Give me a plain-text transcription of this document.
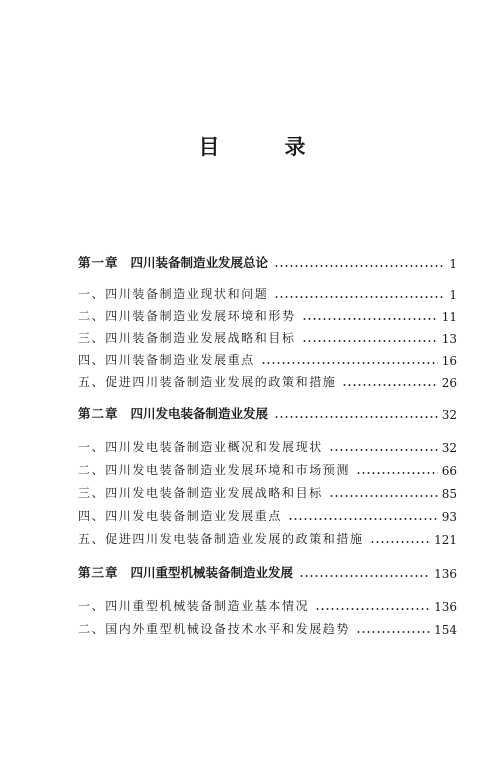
目　录
第一章 四川装备制造业发展总论	1
一、四川装备制造业现状和问题	1
二、四川装备制造业发展环境和形势	11
三、四川装备制造业发展战略和目标	13
四、四川装备制造业发展重点	16
五、促进四川装备制造业发展的政策和措施	26
第二章 四川发电装备制造业发展	32
一、四川发电装备制造业概况和发展现状	32
二、四川发电装备制造业发展环境和市场预测	66
三、四川发电装备制造业发展战略和目标	85
四、四川发电装备制造业发展重点	93
五、促进四川发电装备制造业发展的政策和措施	121
第三章 四川重型机械装备制造业发展	136
一、四川重型机械装备制造业基本情况	136
二、国内外重型机械设备技术水平和发展趋势	154
